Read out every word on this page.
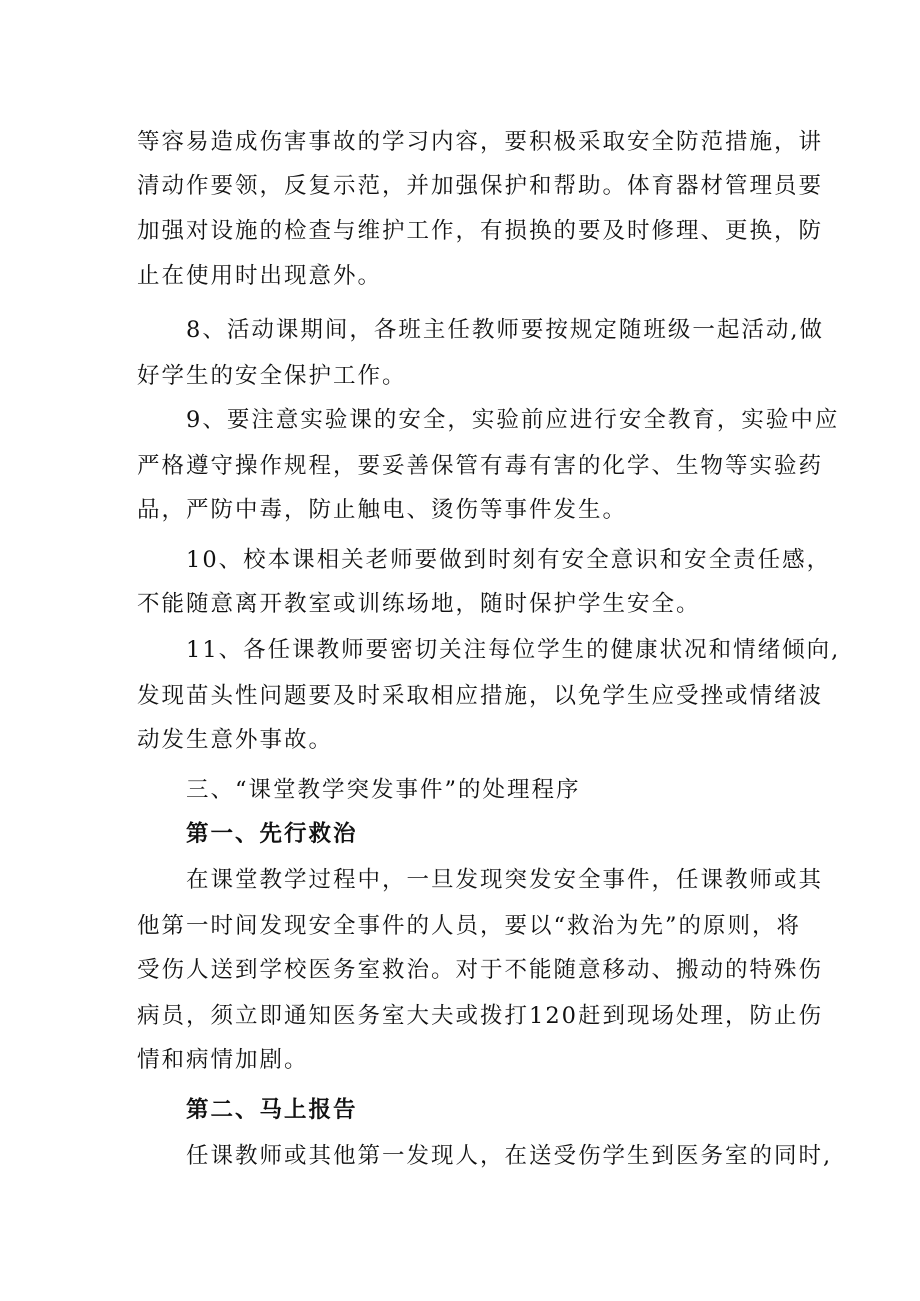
等容易造成伤害事故的学习内容，要积极采取安全防范措施，讲
清动作要领，反复示范，并加强保护和帮助。体育器材管理员要
加强对设施的检查与维护工作，有损换的要及时修理、更换，防
止在使用时出现意外。
8、活动课期间，各班主任教师要按规定随班级一起活动,做
好学生的安全保护工作。
9、要注意实验课的安全，实验前应进行安全教育，实验中应
严格遵守操作规程，要妥善保管有毒有害的化学、生物等实验药
品，严防中毒，防止触电、烫伤等事件发生。
10、校本课相关老师要做到时刻有安全意识和安全责任感，
不能随意离开教室或训练场地，随时保护学生安全。
11、各任课教师要密切关注每位学生的健康状况和情绪倾向,
发现苗头性问题要及时采取相应措施，以免学生应受挫或情绪波
动发生意外事故。
三、“课堂教学突发事件”的处理程序
第一、先行救治
在课堂教学过程中，一旦发现突发安全事件，任课教师或其
他第一时间发现安全事件的人员，要以“救治为先”的原则，将
受伤人送到学校医务室救治。对于不能随意移动、搬动的特殊伤
病员，须立即通知医务室大夫或拨打120赶到现场处理，防止伤
情和病情加剧。
第二、马上报告
任课教师或其他第一发现人，在送受伤学生到医务室的同时,
